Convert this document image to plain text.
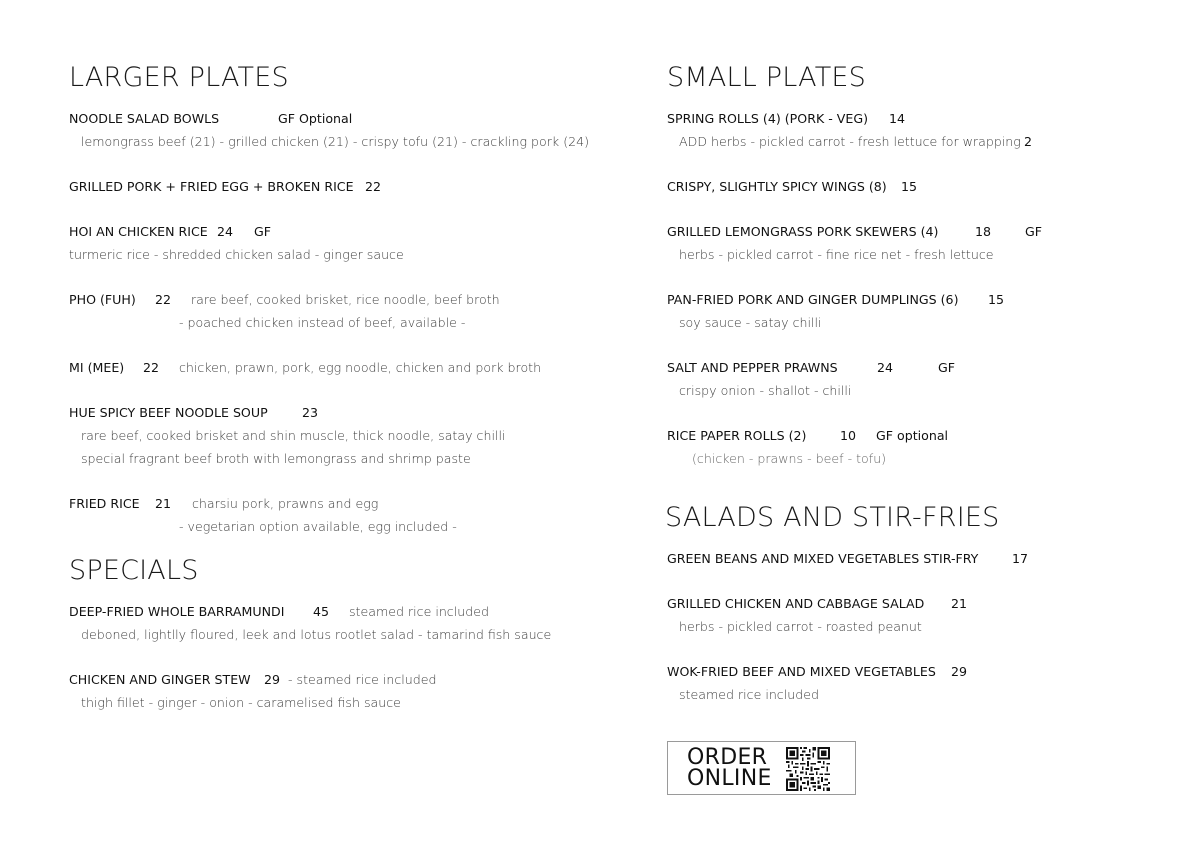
LARGER PLATES
NOODLE SALAD BOWLS	GF Optional
lemongrass beef (21) - grilled chicken (21) - crispy tofu (21) - crackling pork (24)
GRILLED PORK + FRIED EGG + BROKEN RICE 22
HOI AN CHICKEN RICE 24 GF
turmeric rice - shredded chicken salad - ginger sauce
PHO (FUH) 22 rare beef, cooked brisket, rice noodle, beef broth
- poached chicken instead of beef, available -
MI (MEE) 22 chicken, prawn, pork, egg noodle, chicken and pork broth
HUE SPICY BEEF NOODLE SOUP	23
rare beef, cooked brisket and shin muscle, thick noodle, satay chilli
special fragrant beef broth with lemongrass and shrimp paste
FRIED RICE 21 charsiu pork, prawns and egg
- vegetarian option available, egg included -
SPECIALS
DEEP-FRIED WHOLE BARRAMUNDI 45 steamed rice included
deboned, lightlly floured, leek and lotus rootlet salad - tamarind fish sauce
CHICKEN AND GINGER STEW 29 - steamed rice included
thigh fillet - ginger - onion - caramelised fish sauce
SMALL PLATES
SPRING ROLLS (4) (PORK - VEG) 14
ADD herbs - pickled carrot - fresh lettuce for wrapping 2
CRISPY, SLIGHTLY SPICY WINGS (8) 15
GRILLED LEMONGRASS PORK SKEWERS (4)	18	GF
herbs - pickled carrot - fine rice net - fresh lettuce
PAN-FRIED PORK AND GINGER DUMPLINGS (6) 15
soy sauce - satay chilli
SALT AND PEPPER PRAWNS	24	GF
crispy onion - shallot - chilli
RICE PAPER ROLLS (2)	10 GF optional
(chicken - prawns - beef - tofu)
SALADS AND STIR-FRIES
GREEN BEANS AND MIXED VEGETABLES STIR-FRY	17
GRILLED CHICKEN AND CABBAGE SALAD 21
herbs - pickled carrot - roasted peanut
WOK-FRIED BEEF AND MIXED VEGETABLES 29
steamed rice included
ORDER
ONLINE
